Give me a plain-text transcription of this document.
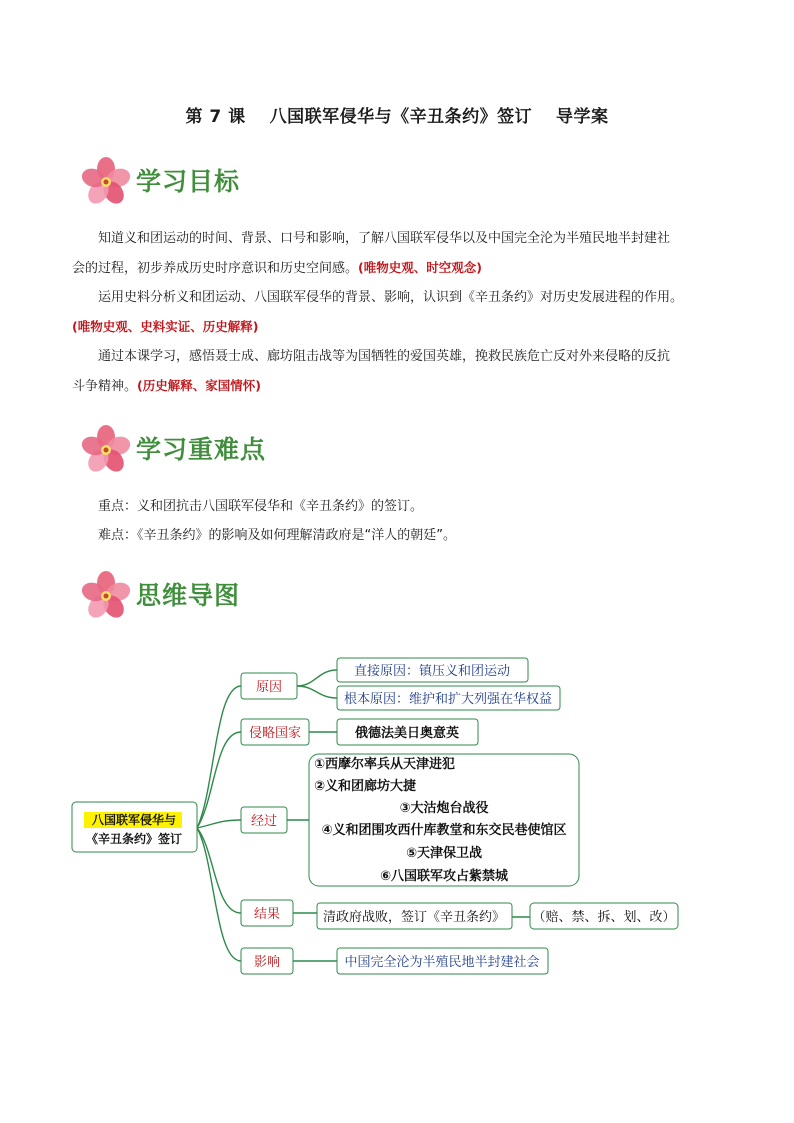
第 7 课　 八国联军侵华与《辛丑条约》签订　 导学案
学习目标
知道义和团运动的时间、背景、口号和影响，了解八国联军侵华以及中国完全沦为半殖民地半封建社
会的过程，初步养成历史时序意识和历史空间感。(唯物史观、时空观念)
运用史料分析义和团运动、八国联军侵华的背景、影响，认识到《辛丑条约》对历史发展进程的作用。
(唯物史观、史料实证、历史解释)
通过本课学习，感悟聂士成、廊坊阻击战等为国牺牲的爱国英雄，挽救民族危亡反对外来侵略的反抗
斗争精神。(历史解释、家国情怀)
学习重难点
重点：义和团抗击八国联军侵华和《辛丑条约》的签订。
难点：《辛丑条约》的影响及如何理解清政府是“洋人的朝廷”。
思维导图
八国联军侵华与
《辛丑条约》签订
原因
直接原因：镇压义和团运动
根本原因：维护和扩大列强在华权益
侵略国家	俄德法美日奥意英
经过
①西摩尔率兵从天津进犯
②义和团廊坊大捷
③大沽炮台战役
④义和团围攻西什库教堂和东交民巷使馆区
⑤天津保卫战
⑥八国联军攻占紫禁城
结果	清政府战败，签订《辛丑条约》 （赔、禁、拆、划、改）
影响	中国完全沦为半殖民地半封建社会
